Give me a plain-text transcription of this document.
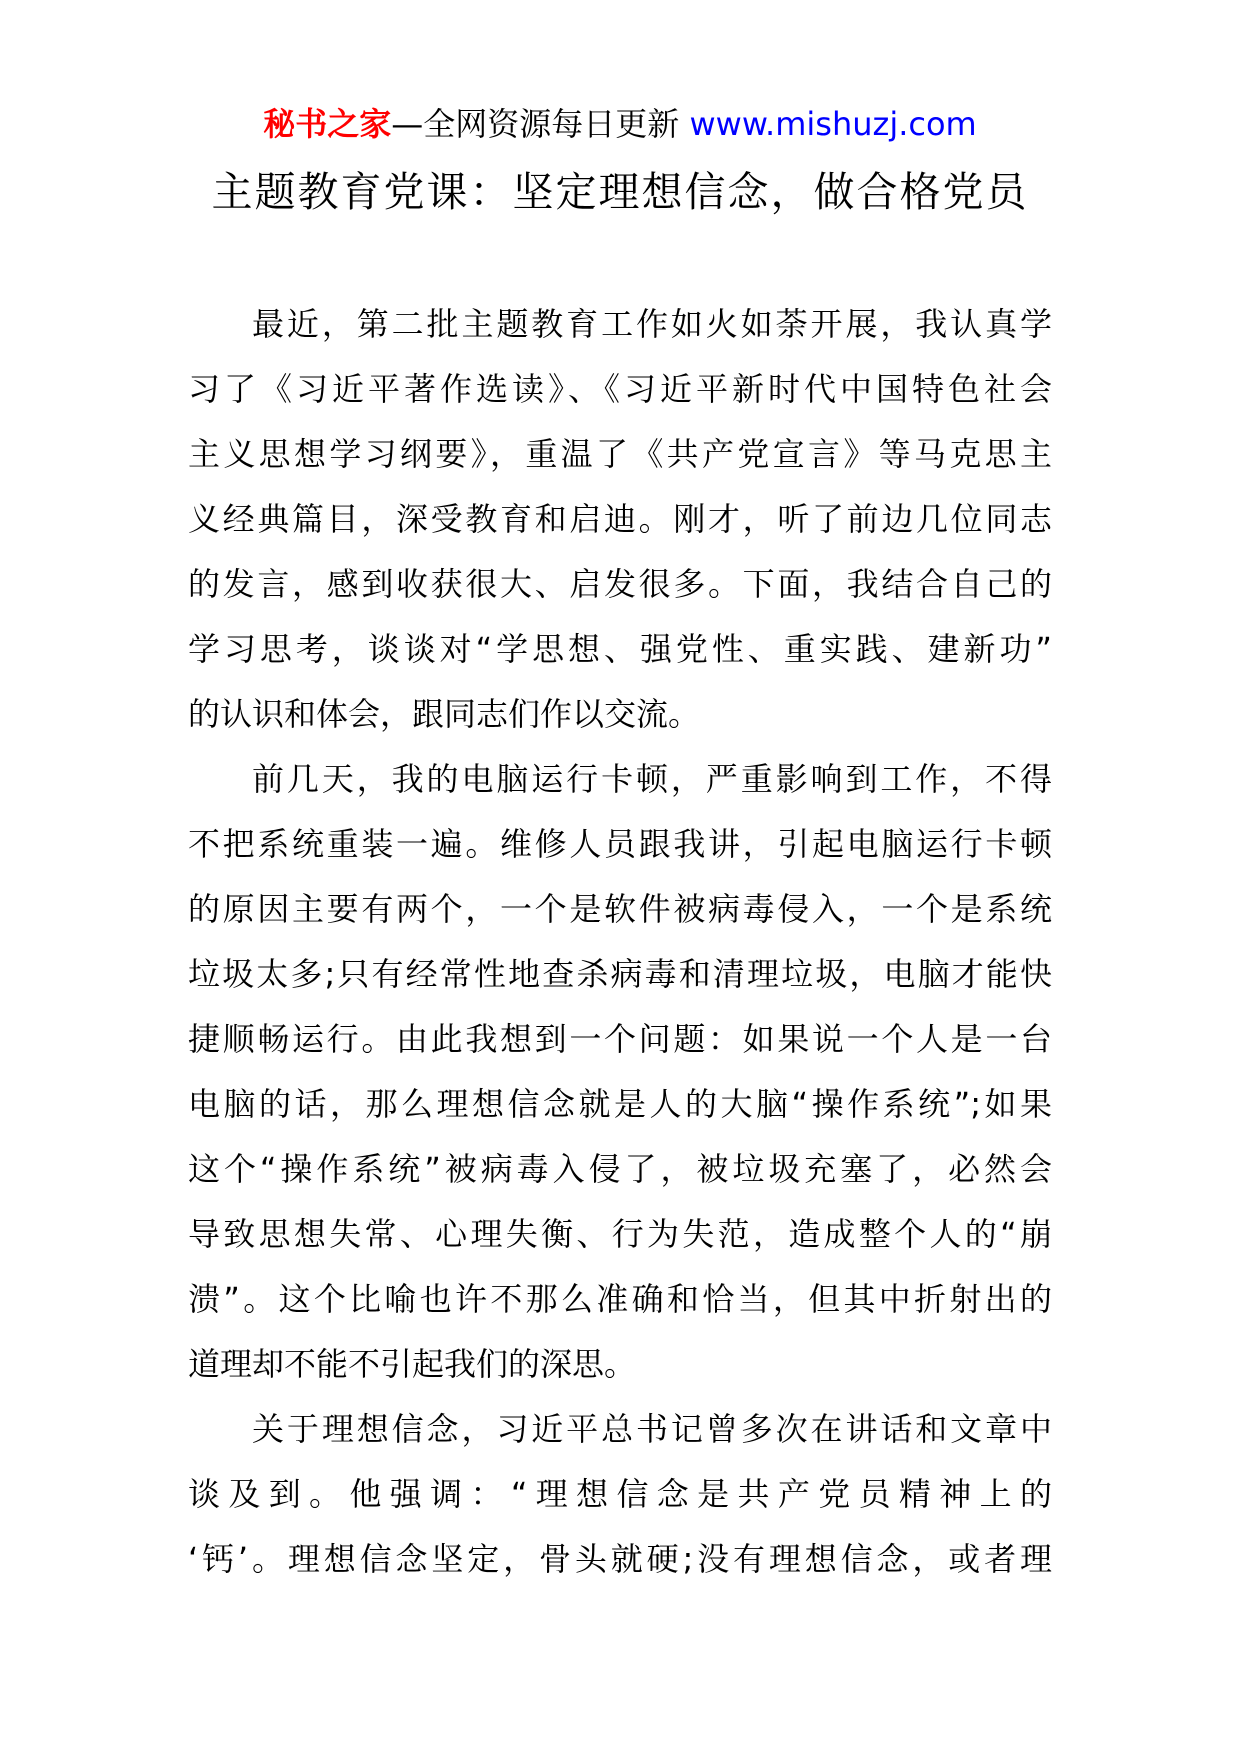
秘书之家—全网资源每日更新 www.mishuzj.com
主题教育党课：坚定理想信念，做合格党员

最近，第二批主题教育工作如火如荼开展，我认真学
习了《习近平著作选读》、《习近平新时代中国特色社会
主义思想学习纲要》，重温了《共产党宣言》等马克思主
义经典篇目，深受教育和启迪。刚才，听了前边几位同志
的发言，感到收获很大、启发很多。下面，我结合自己的
学习思考，谈谈对“学思想、强党性、重实践、建新功”
的认识和体会，跟同志们作以交流。

前几天，我的电脑运行卡顿，严重影响到工作，不得
不把系统重装一遍。维修人员跟我讲，引起电脑运行卡顿
的原因主要有两个，一个是软件被病毒侵入，一个是系统
垃圾太多;只有经常性地查杀病毒和清理垃圾，电脑才能快
捷顺畅运行。由此我想到一个问题：如果说一个人是一台
电脑的话，那么理想信念就是人的大脑“操作系统”;如果
这个“操作系统”被病毒入侵了，被垃圾充塞了，必然会
导致思想失常、心理失衡、行为失范，造成整个人的“崩
溃”。这个比喻也许不那么准确和恰当，但其中折射出的
道理却不能不引起我们的深思。

关于理想信念，习近平总书记曾多次在讲话和文章中
谈及到。他强调：“理想信念是共产党员精神上的
‘钙’。理想信念坚定，骨头就硬;没有理想信念，或者理
